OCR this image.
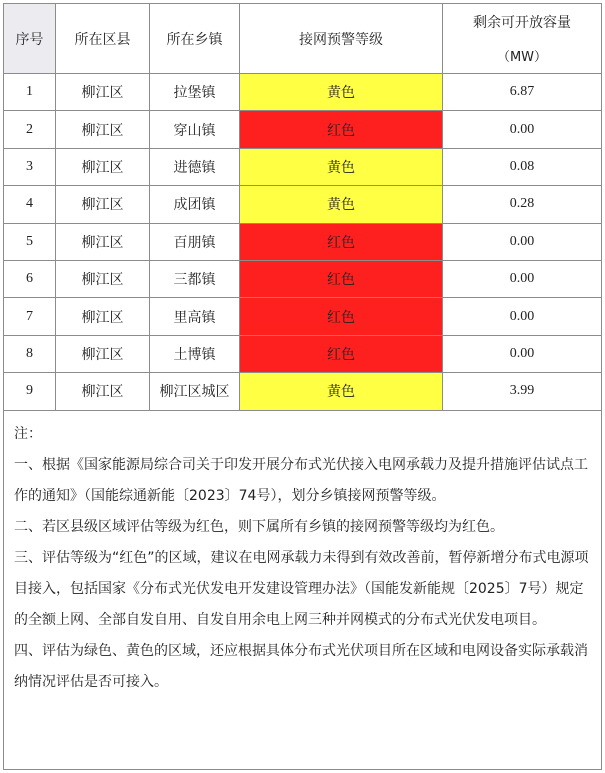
序号	所在区县	所在乡镇	接网预警等级	剩余可开放容量
（MW）

1	柳江区	拉堡镇	黄色	6.87
2	柳江区	穿山镇	红色	0.00
3	柳江区	进德镇	黄色	0.08
4	柳江区	成团镇	黄色	0.28
5	柳江区	百朋镇	红色	0.00
6	柳江区	三都镇	红色	0.00
7	柳江区	里高镇	红色	0.00
8	柳江区	土博镇	红色	0.00
9	柳江区	柳江区城区	黄色	3.99

注：

一、根据《国家能源局综合司关于印发开展分布式光伏接入电网承载力及提升措施评估试点工作的通知》（国能综通新能〔2023〕74号），划分乡镇接网预警等级。

二、若区县级区域评估等级为红色，则下属所有乡镇的接网预警等级均为红色。

三、评估等级为“红色”的区域，建议在电网承载力未得到有效改善前，暂停新增分布式电源项目接入，包括国家《分布式光伏发电开发建设管理办法》（国能发新能规〔2025〕7号）规定的全额上网、全部自发自用、自发自用余电上网三种并网模式的分布式光伏发电项目。

四、评估为绿色、黄色的区域，还应根据具体分布式光伏项目所在区域和电网设备实际承载消纳情况评估是否可接入。				
